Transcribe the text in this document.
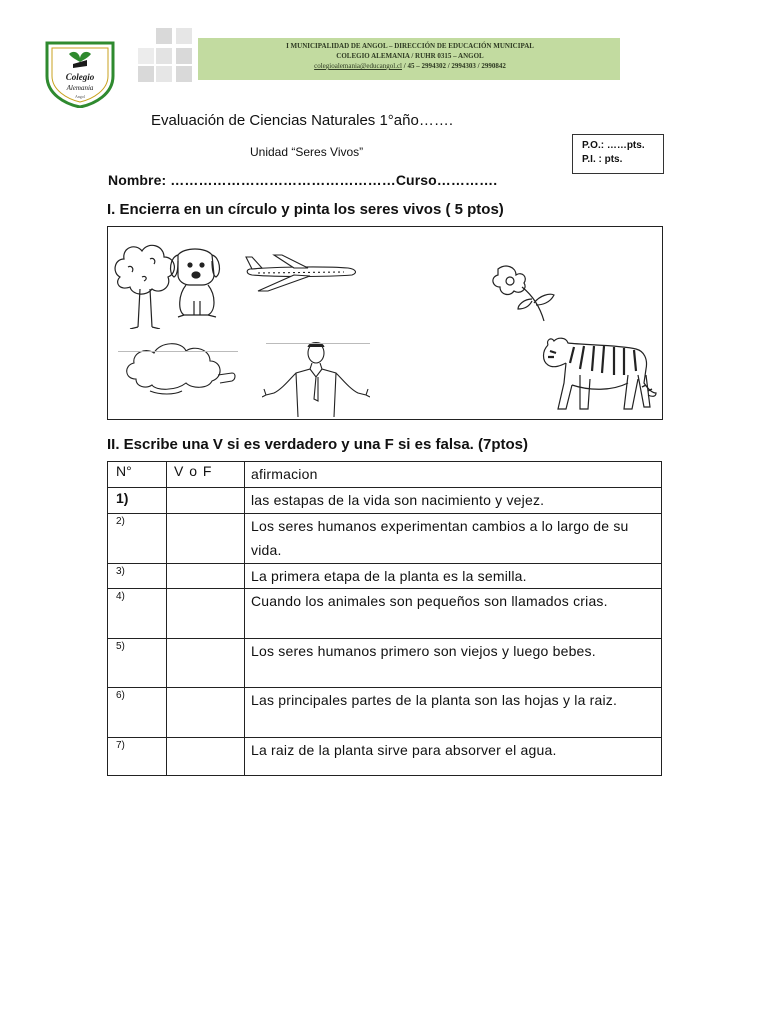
Colegio
Alemania
Angol
I MUNICIPALIDAD DE ANGOL – DIRECCIÓN DE EDUCACIÓN MUNICIPAL
COLEGIO ALEMANIA / RUHR 0315 – ANGOL
colegioalemania@educangol.cl / 45 – 2994302 / 2994303 / 2990842
Evaluación de Ciencias Naturales 1°año…….
Unidad “Seres Vivos”	P.O.: ……pts.
P.I. : pts.
Nombre: …………………………………………Curso………….
I. Encierra en un círculo y pinta los seres vivos ( 5 ptos)
II. Escribe una V si es verdadero y una F si es falsa. (7ptos)
N°	V o F	afirmacion
1)		las estapas de la vida son nacimiento y vejez.
2)		Los seres humanos experimentan cambios a lo largo de su vida.
3)		La primera etapa de la planta es la semilla.
4)		Cuando los animales son pequeños son llamados crias.
5)		Los seres humanos primero son viejos y luego bebes.
6)		Las principales partes de la planta son las hojas y la raiz.
7)		La raiz de la planta sirve para absorver el agua.
